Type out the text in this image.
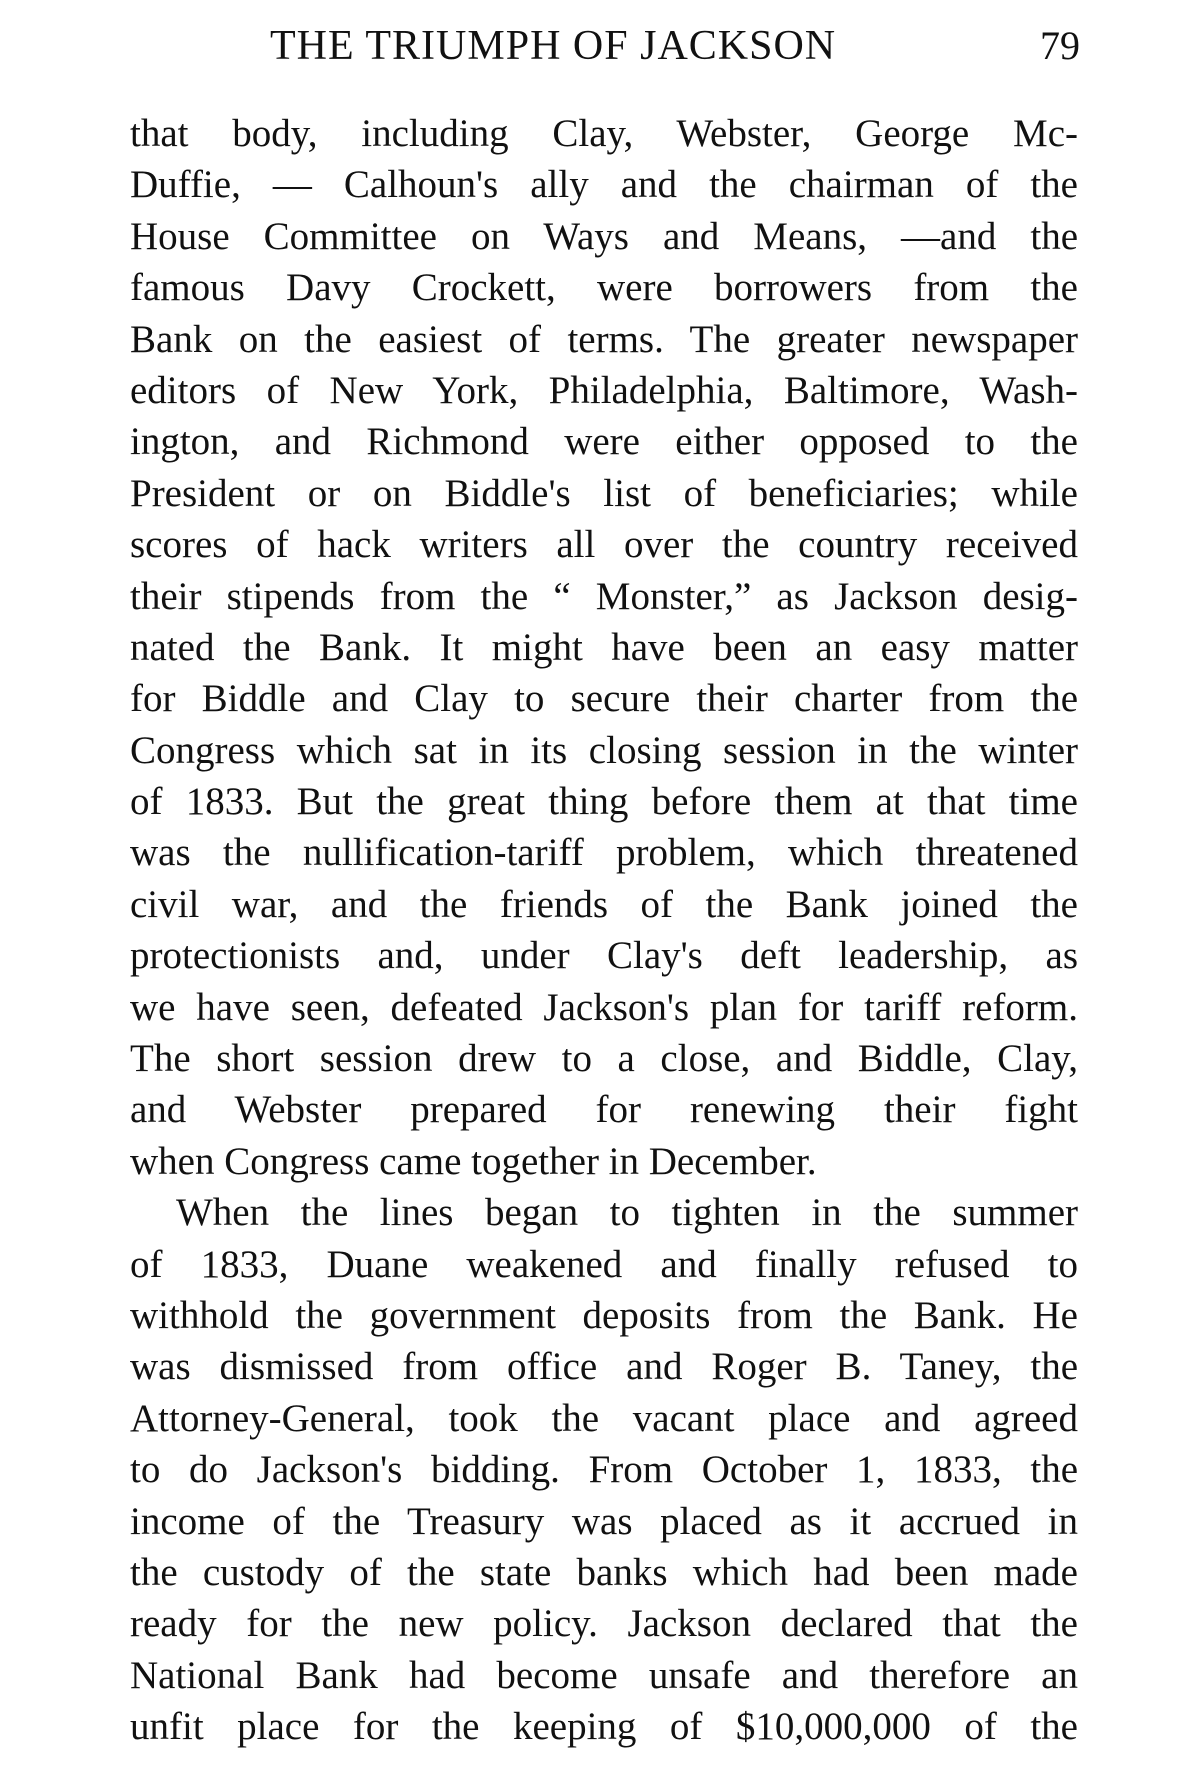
THE TRIUMPH OF JACKSON	79
that body, including Clay, Webster, George Mc-
Duffie, — Calhoun's ally and the chairman of the
House Committee on Ways and Means, —and the
famous Davy Crockett, were borrowers from the
Bank on the easiest of terms. The greater newspaper
editors of New York, Philadelphia, Baltimore, Wash-
ington, and Richmond were either opposed to the
President or on Biddle's list of beneficiaries; while
scores of hack writers all over the country received
their stipends from the “ Monster,” as Jackson desig-
nated the Bank. It might have been an easy matter
for Biddle and Clay to secure their charter from the
Congress which sat in its closing session in the winter
of 1833. But the great thing before them at that time
was the nullification-tariff problem, which threatened
civil war, and the friends of the Bank joined the
protectionists and, under Clay's deft leadership, as
we have seen, defeated Jackson's plan for tariff reform.
The short session drew to a close, and Biddle, Clay,
and Webster prepared for renewing their fight
when Congress came together in December.
When the lines began to tighten in the summer
of 1833, Duane weakened and finally refused to
withhold the government deposits from the Bank. He
was dismissed from office and Roger B. Taney, the
Attorney-General, took the vacant place and agreed
to do Jackson's bidding. From October 1, 1833, the
income of the Treasury was placed as it accrued in
the custody of the state banks which had been made
ready for the new policy. Jackson declared that the
National Bank had become unsafe and therefore an
unfit place for the keeping of $10,000,000 of the
